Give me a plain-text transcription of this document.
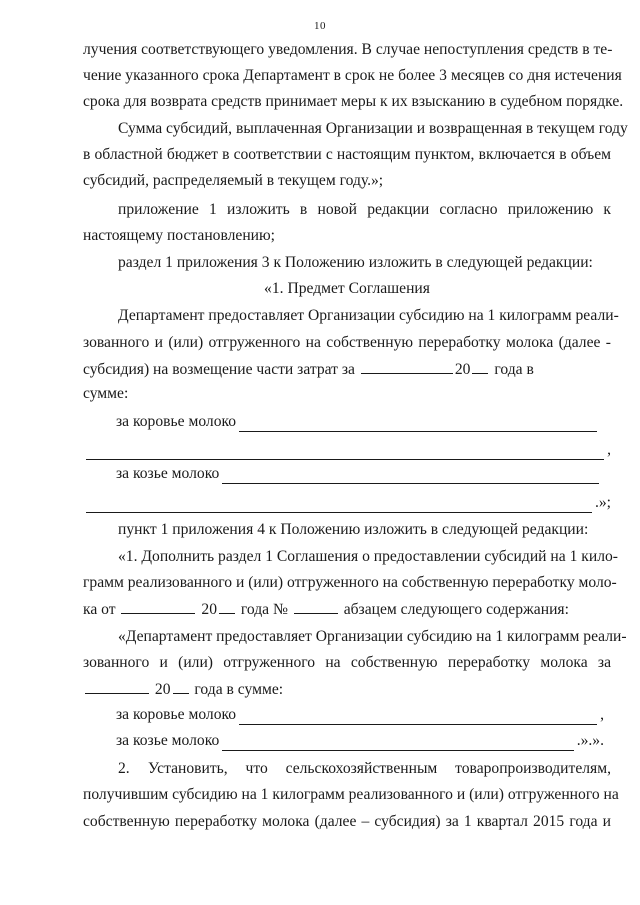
10
лучения соответствующего уведомления. В случае непоступления средств в те-
чение указанного срока Департамент в срок не более 3 месяцев со дня истечения
срока для возврата средств принимает меры к их взысканию в судебном порядке.
Сумма субсидий, выплаченная Организации и возвращенная в текущем году
в областной бюджет в соответствии с настоящим пунктом, включается в объем
субсидий, распределяемый в текущем году.»;
приложение 1 изложить в новой редакции согласно приложению к
настоящему постановлению;
раздел 1 приложения 3 к Положению изложить в следующей редакции:
«1. Предмет Соглашения
Департамент предоставляет Организации субсидию на 1 килограмм реали-
зованного и (или) отгруженного на собственную переработку молока (далее -
субсидия) на возмещение части затрат за	20 года в
сумме:
за коровье молоко
,
за козье молоко
.»;
пункт 1 приложения 4 к Положению изложить в следующей редакции:
«1. Дополнить раздел 1 Соглашения о предоставлении субсидий на 1 кило-
грамм реализованного и (или) отгруженного на собственную переработку моло-
ка от	20 года №	абзацем следующего содержания:
«Департамент предоставляет Организации субсидию на 1 килограмм реали-
зованного и (или) отгруженного на собственную переработку молока за
20 года в сумме:
за коровье молоко	,
за козье молоко	.».».
2. Установить, что сельскохозяйственным товаропроизводителям,
получившим субсидию на 1 килограмм реализованного и (или) отгруженного на
собственную переработку молока (далее – субсидия) за 1 квартал 2015 года и
